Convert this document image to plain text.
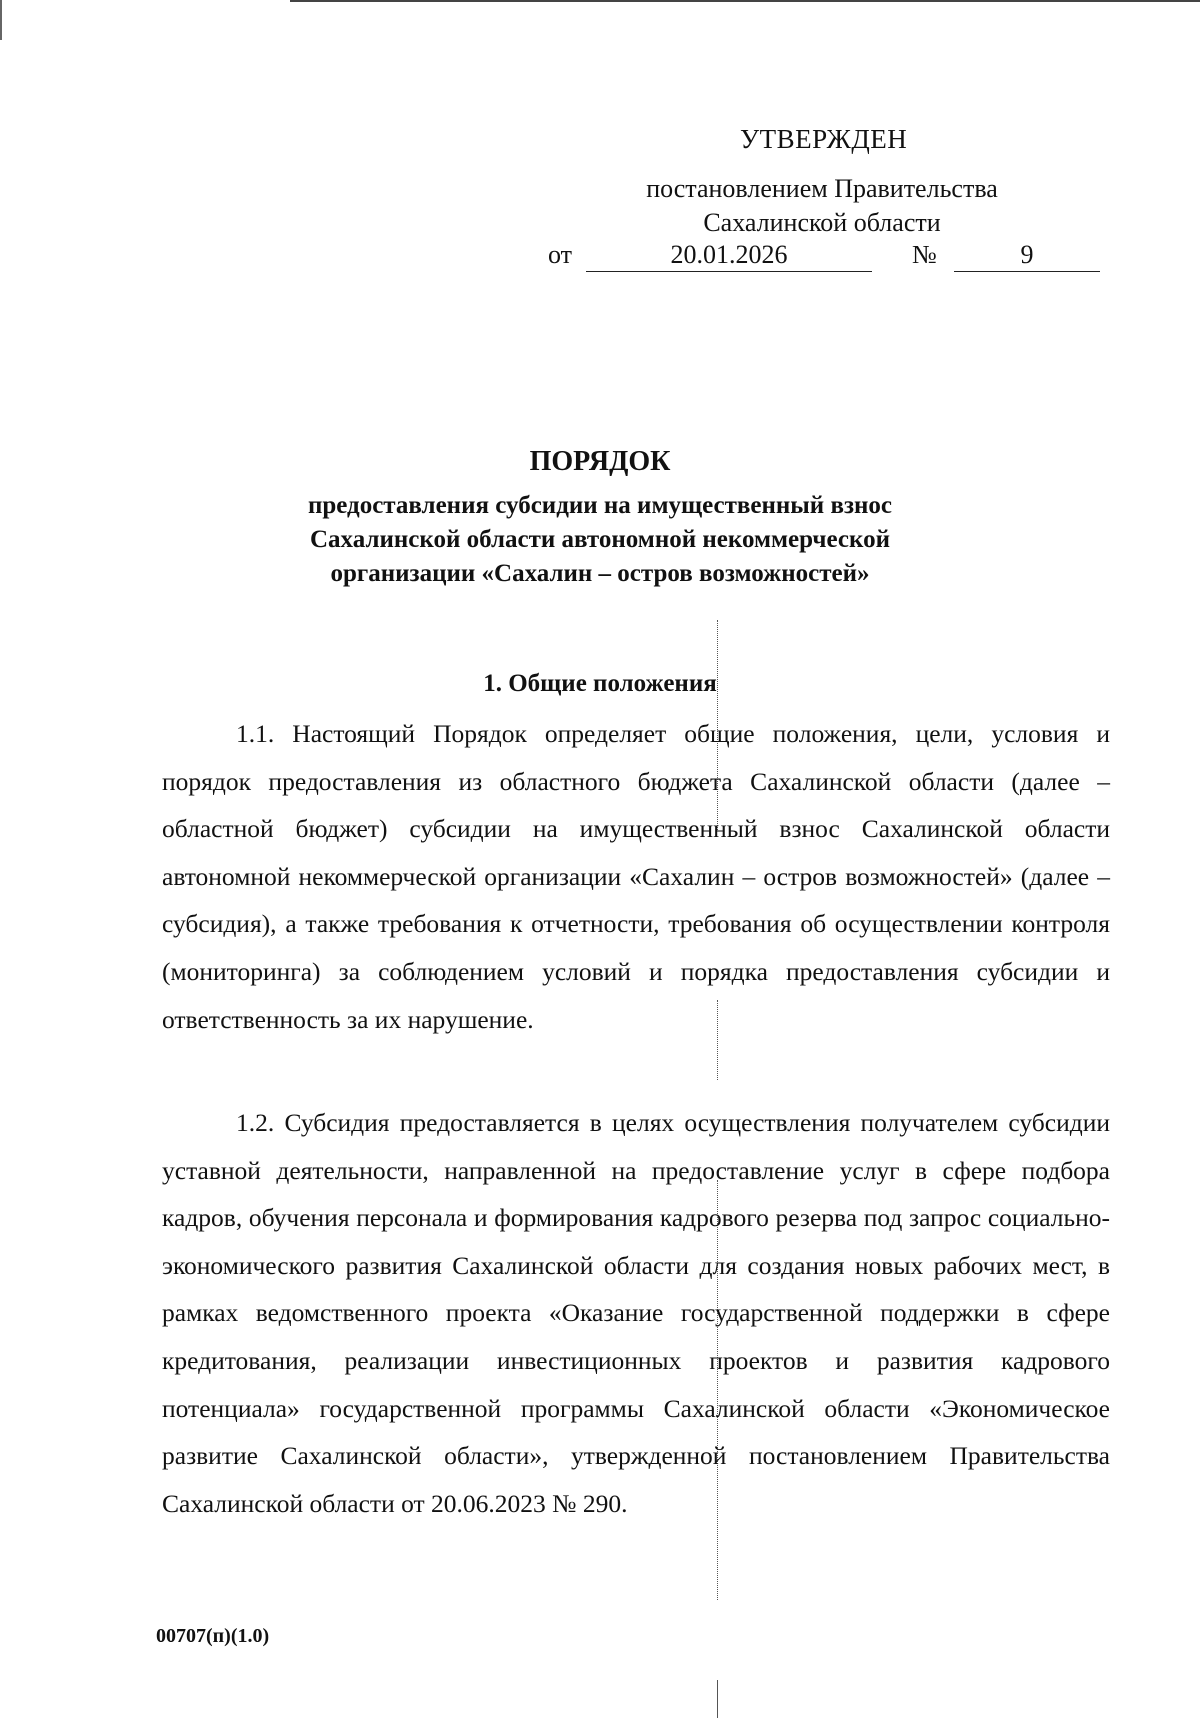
УТВЕРЖДЕН
постановлением Правительства
Сахалинской области
от	20.01.2026	№	9
ПОРЯДОК
предоставления субсидии на имущественный взнос Сахалинской области автономной некоммерческой организации «Сахалин – остров возможностей»
1. Общие положения
1.1. Настоящий Порядок определяет общие положения, цели, условия и порядок предоставления из областного бюджета Сахалинской области (далее – областной бюджет) субсидии на имущественный взнос Сахалинской области автономной некоммерческой организации «Сахалин – остров возможностей» (далее – субсидия), а также требования к отчетности, требования об осуществлении контроля (мониторинга) за соблюдением условий и порядка предоставления субсидии и ответственность за их нарушение.
1.2. Субсидия предоставляется в целях осуществления получателем субсидии уставной деятельности, направленной на предоставление услуг в сфере подбора кадров, обучения персонала и формирования кадрового резерва под запрос социально-экономического развития Сахалинской области для создания новых рабочих мест, в рамках ведомственного проекта «Оказание государственной поддержки в сфере кредитования, реализации инвестиционных проектов и развития кадрового потенциала» государственной программы Сахалинской области «Экономическое развитие Сахалинской области», утвержденной постановлением Правительства Сахалинской области от 20.06.2023 № 290.
00707(п)(1.0)
